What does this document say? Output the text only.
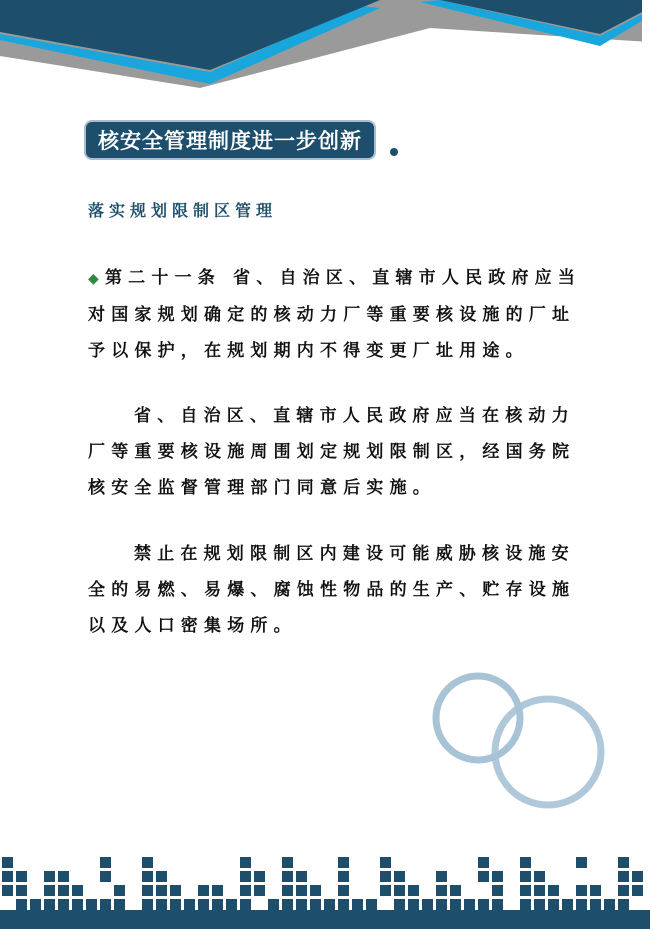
核安全管理制度进一步创新
落实规划限制区管理

◆第二十一条 省、自治区、直辖市人民政府应当对国家规划确定的核动力厂等重要核设施的厂址予以保护，在规划期内不得变更厂址用途。

省、自治区、直辖市人民政府应当在核动力厂等重要核设施周围划定规划限制区，经国务院核安全监督管理部门同意后实施。

禁止在规划限制区内建设可能威胁核设施安全的易燃、易爆、腐蚀性物品的生产、贮存设施以及人口密集场所。
